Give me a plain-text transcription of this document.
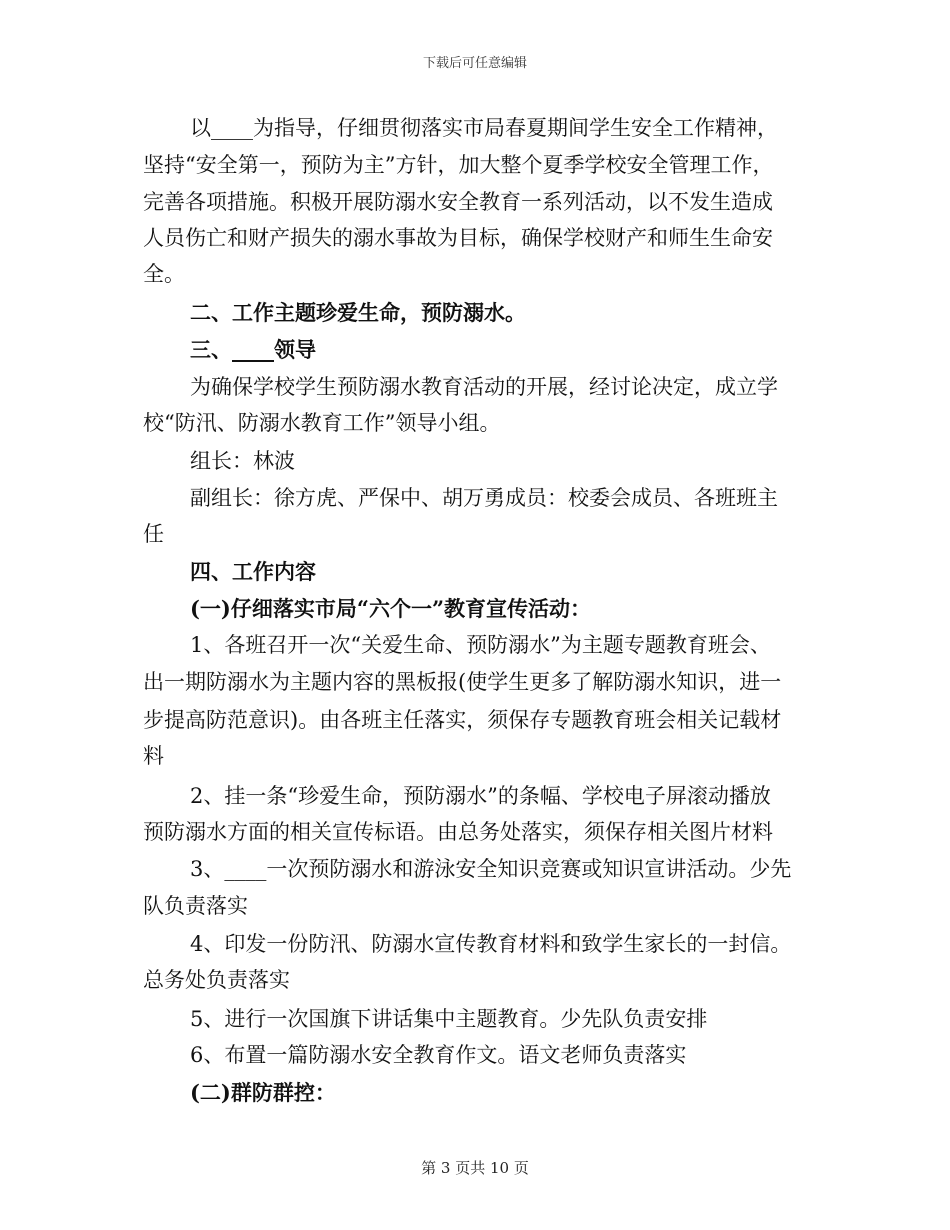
下载后可任意编辑
以____为指导，仔细贯彻落实市局春夏期间学生安全工作精神，
坚持“安全第一，预防为主”方针，加大整个夏季学校安全管理工作，
完善各项措施。积极开展防溺水安全教育一系列活动，以不发生造成
人员伤亡和财产损失的溺水事故为目标，确保学校财产和师生生命安
全。
二、工作主题珍爱生命，预防溺水。
三、____领导
为确保学校学生预防溺水教育活动的开展，经讨论决定，成立学
校“防汛、防溺水教育工作”领导小组。
组长：林波
副组长：徐方虎、严保中、胡万勇成员：校委会成员、各班班主
任
四、工作内容
(一)仔细落实市局“六个一”教育宣传活动：
1、各班召开一次“关爱生命、预防溺水”为主题专题教育班会、
出一期防溺水为主题内容的黑板报(使学生更多了解防溺水知识，进一
步提高防范意识)。由各班主任落实，须保存专题教育班会相关记载材
料
2、挂一条“珍爱生命，预防溺水”的条幅、学校电子屏滚动播放
预防溺水方面的相关宣传标语。由总务处落实，须保存相关图片材料
3、____一次预防溺水和游泳安全知识竞赛或知识宣讲活动。少先
队负责落实
4、印发一份防汛、防溺水宣传教育材料和致学生家长的一封信。
总务处负责落实
5、进行一次国旗下讲话集中主题教育。少先队负责安排
6、布置一篇防溺水安全教育作文。语文老师负责落实
(二)群防群控：
第 3 页共 10 页
